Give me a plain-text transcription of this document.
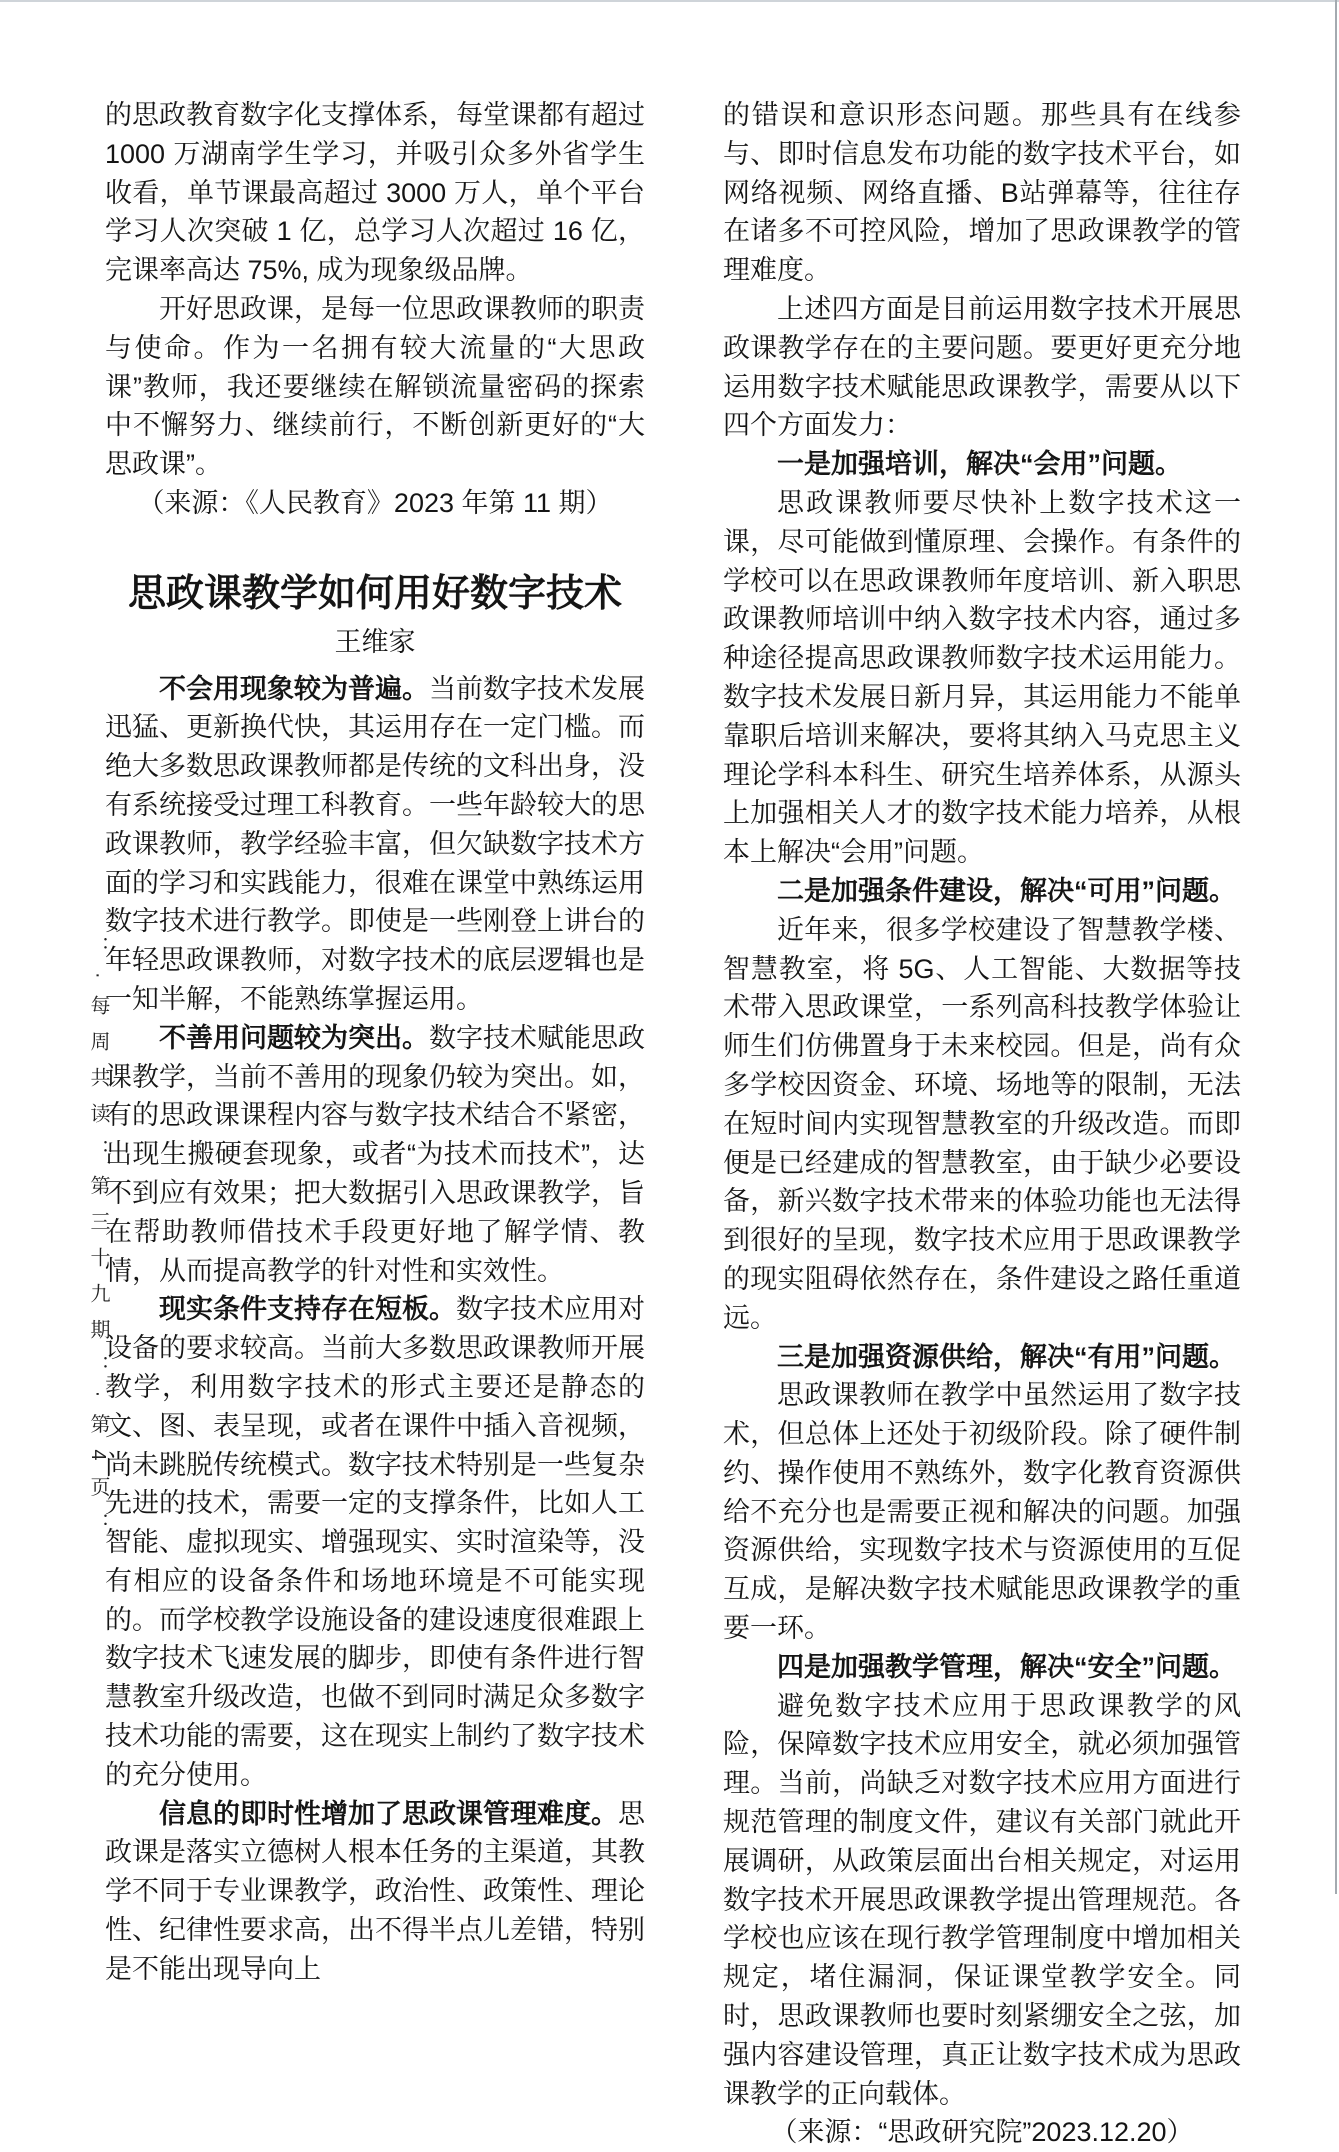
：·每周共读：第三十九期：·第4页：

的思政教育数字化支撑体系，每堂课都有超过 1000 万湖南学生学习，并吸引众多外省学生收看，单节课最高超过 3000 万人，单个平台学习人次突破 1 亿，总学习人次超过 16 亿，完课率高达 75%, 成为现象级品牌。

开好思政课，是每一位思政课教师的职责与使命。作为一名拥有较大流量的“大思政课”教师，我还要继续在解锁流量密码的探索中不懈努力、继续前行，不断创新更好的“大思政课”。

（来源：《人民教育》2023 年第 11 期）

思政课教学如何用好数字技术

王维家

不会用现象较为普遍。当前数字技术发展迅猛、更新换代快，其运用存在一定门槛。而绝大多数思政课教师都是传统的文科出身，没有系统接受过理工科教育。一些年龄较大的思政课教师，教学经验丰富，但欠缺数字技术方面的学习和实践能力，很难在课堂中熟练运用数字技术进行教学。即使是一些刚登上讲台的年轻思政课教师，对数字技术的底层逻辑也是一知半解，不能熟练掌握运用。

不善用问题较为突出。数字技术赋能思政课教学，当前不善用的现象仍较为突出。如，有的思政课课程内容与数字技术结合不紧密，出现生搬硬套现象，或者“为技术而技术”，达不到应有效果；把大数据引入思政课教学，旨在帮助教师借技术手段更好地了解学情、教情，从而提高教学的针对性和实效性。

现实条件支持存在短板。数字技术应用对设备的要求较高。当前大多数思政课教师开展教学，利用数字技术的形式主要还是静态的文、图、表呈现，或者在课件中插入音视频，尚未跳脱传统模式。数字技术特别是一些复杂先进的技术，需要一定的支撑条件，比如人工智能、虚拟现实、增强现实、实时渲染等，没有相应的设备条件和场地环境是不可能实现的。而学校教学设施设备的建设速度很难跟上数字技术飞速发展的脚步，即使有条件进行智慧教室升级改造，也做不到同时满足众多数字技术功能的需要，这在现实上制约了数字技术的充分使用。

信息的即时性增加了思政课管理难度。思政课是落实立德树人根本任务的主渠道，其教学不同于专业课教学，政治性、政策性、理论性、纪律性要求高，出不得半点儿差错，特别是不能出现导向上

的错误和意识形态问题。那些具有在线参与、即时信息发布功能的数字技术平台，如网络视频、网络直播、B站弹幕等，往往存在诸多不可控风险，增加了思政课教学的管理难度。

上述四方面是目前运用数字技术开展思政课教学存在的主要问题。要更好更充分地运用数字技术赋能思政课教学，需要从以下四个方面发力：

一是加强培训，解决“会用”问题。

思政课教师要尽快补上数字技术这一课，尽可能做到懂原理、会操作。有条件的学校可以在思政课教师年度培训、新入职思政课教师培训中纳入数字技术内容，通过多种途径提高思政课教师数字技术运用能力。数字技术发展日新月异，其运用能力不能单靠职后培训来解决，要将其纳入马克思主义理论学科本科生、研究生培养体系，从源头上加强相关人才的数字技术能力培养，从根本上解决“会用”问题。

二是加强条件建设，解决“可用”问题。

近年来，很多学校建设了智慧教学楼、智慧教室，将 5G、人工智能、大数据等技术带入思政课堂，一系列高科技教学体验让师生们仿佛置身于未来校园。但是，尚有众多学校因资金、环境、场地等的限制，无法在短时间内实现智慧教室的升级改造。而即便是已经建成的智慧教室，由于缺少必要设备，新兴数字技术带来的体验功能也无法得到很好的呈现，数字技术应用于思政课教学的现实阻碍依然存在，条件建设之路任重道远。

三是加强资源供给，解决“有用”问题。

思政课教师在教学中虽然运用了数字技术，但总体上还处于初级阶段。除了硬件制约、操作使用不熟练外，数字化教育资源供给不充分也是需要正视和解决的问题。加强资源供给，实现数字技术与资源使用的互促互成，是解决数字技术赋能思政课教学的重要一环。

四是加强教学管理，解决“安全”问题。

避免数字技术应用于思政课教学的风险，保障数字技术应用安全，就必须加强管理。当前，尚缺乏对数字技术应用方面进行规范管理的制度文件，建议有关部门就此开展调研，从政策层面出台相关规定，对运用数字技术开展思政课教学提出管理规范。各学校也应该在现行教学管理制度中增加相关规定，堵住漏洞，保证课堂教学安全。同时，思政课教师也要时刻紧绷安全之弦，加强内容建设管理，真正让数字技术成为思政课教学的正向载体。

（来源：“思政研究院”2023.12.20）
